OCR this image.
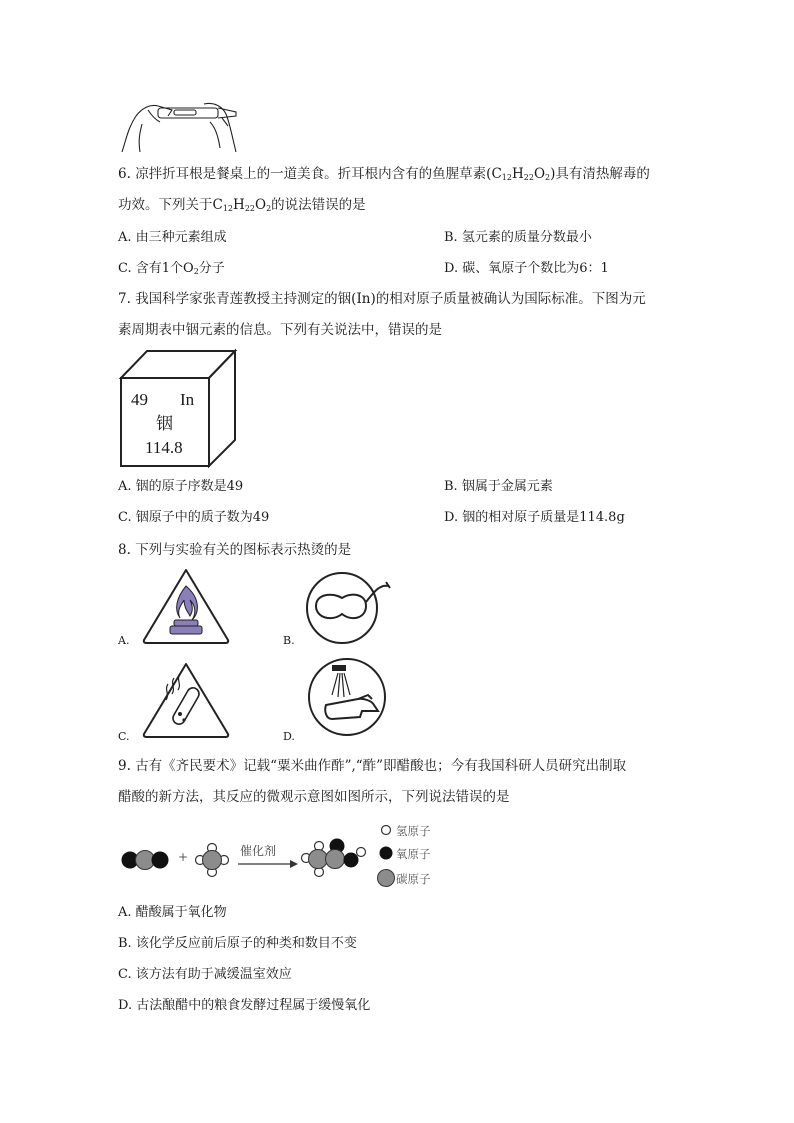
6. 凉拌折耳根是餐桌上的一道美食。折耳根内含有的鱼腥草素$(C_{12}H_{22}O_2)$具有清热解毒的
功效。下列关于$C_{12}H_{22}O_2$的说法错误的是
A. 由三种元素组成	B. 氢元素的质量分数最小
C. 含有1个$O_2$分子	D. 碳、氧原子个数比为6：1
7. 我国科学家张青莲教授主持测定的铟(In)的相对原子质量被确认为国际标准。下图为元
素周期表中铟元素的信息。下列有关说法中，错误的是
49 In
铟
114.8
A. 铟的原子序数是49	B. 铟属于金属元素
C. 铟原子中的质子数为49	D. 铟的相对原子质量是114.8g
8. 下列与实验有关的图标表示热烫的是
A.	B.
C.	D.
9. 古有《齐民要术》记载“粟米曲作酢”,“酢”即醋酸也；今有我国科研人员研究出制取
醋酸的新方法，其反应的微观示意图如图所示，下列说法错误的是
+	催化剂
氢原子
氧原子
碳原子
A. 醋酸属于氧化物
B. 该化学反应前后原子的种类和数目不变
C. 该方法有助于减缓温室效应
D. 古法酿醋中的粮食发酵过程属于缓慢氧化
